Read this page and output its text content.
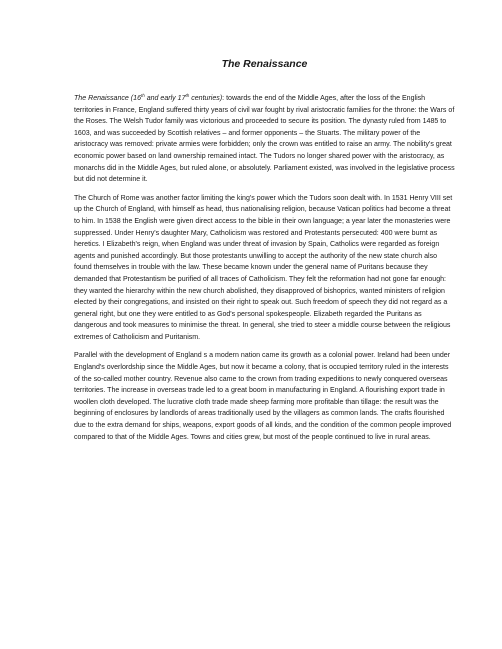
The Renaissance

The Renaissance (16th and early 17th centuries): towards the end of the Middle Ages, after the loss of the English territories in France, England suffered thirty years of civil war fought by rival aristocratic families for the throne: the Wars of the Roses. The Welsh Tudor family was victorious and proceeded to secure its position. The dynasty ruled from 1485 to 1603, and was succeeded by Scottish relatives – and former opponents – the Stuarts. The military power of the aristocracy was removed: private armies were forbidden; only the crown was entitled to raise an army. The nobility's great economic power based on land ownership remained intact. The Tudors no longer shared power with the aristocracy, as monarchs did in the Middle Ages, but ruled alone, or absolutely. Parliament existed, was involved in the legislative process but did not determine it.

The Church of Rome was another factor limiting the king's power which the Tudors soon dealt with. In 1531 Henry VIII set up the Church of England, with himself as head, thus nationalising religion, because Vatican politics had become a threat to him. In 1538 the English were given direct access to the bible in their own language; a year later the monasteries were suppressed. Under Henry's daughter Mary, Catholicism was restored and Protestants persecuted: 400 were burnt as heretics. I Elizabeth's reign, when England was under threat of invasion by Spain, Catholics were regarded as foreign agents and punished accordingly. But those protestants unwilling to accept the authority of the new state church also found themselves in trouble with the law. These became known under the general name of Puritans because they demanded that Protestantism be purified of all traces of Catholicism. They felt the reformation had not gone far enough: they wanted the hierarchy within the new church abolished, they disapproved of bishoprics, wanted ministers of religion elected by their congregations, and insisted on their right to speak out. Such freedom of speech they did not regard as a general right, but one they were entitled to as God's personal spokespeople. Elizabeth regarded the Puritans as dangerous and took measures to minimise the threat. In general, she tried to steer a middle course between the religious extremes of Catholicism and Puritanism.

Parallel with the development of England s a modern nation came its growth as a colonial power. Ireland had been under England's overlordship since the Middle Ages, but now it became a colony, that is occupied territory ruled in the interests of the so-called mother country. Revenue also came to the crown from trading expeditions to newly conquered overseas territories. The increase in overseas trade led to a great boom in manufacturing in England. A flourishing export trade in woollen cloth developed. The lucrative cloth trade made sheep farming more profitable than tillage: the result was the beginning of enclosures by landlords of areas traditionally used by the villagers as common lands. The crafts flourished due to the extra demand for ships, weapons, export goods of all kinds, and the condition of the common people improved compared to that of the Middle Ages. Towns and cities grew, but most of the people continued to live in rural areas.
